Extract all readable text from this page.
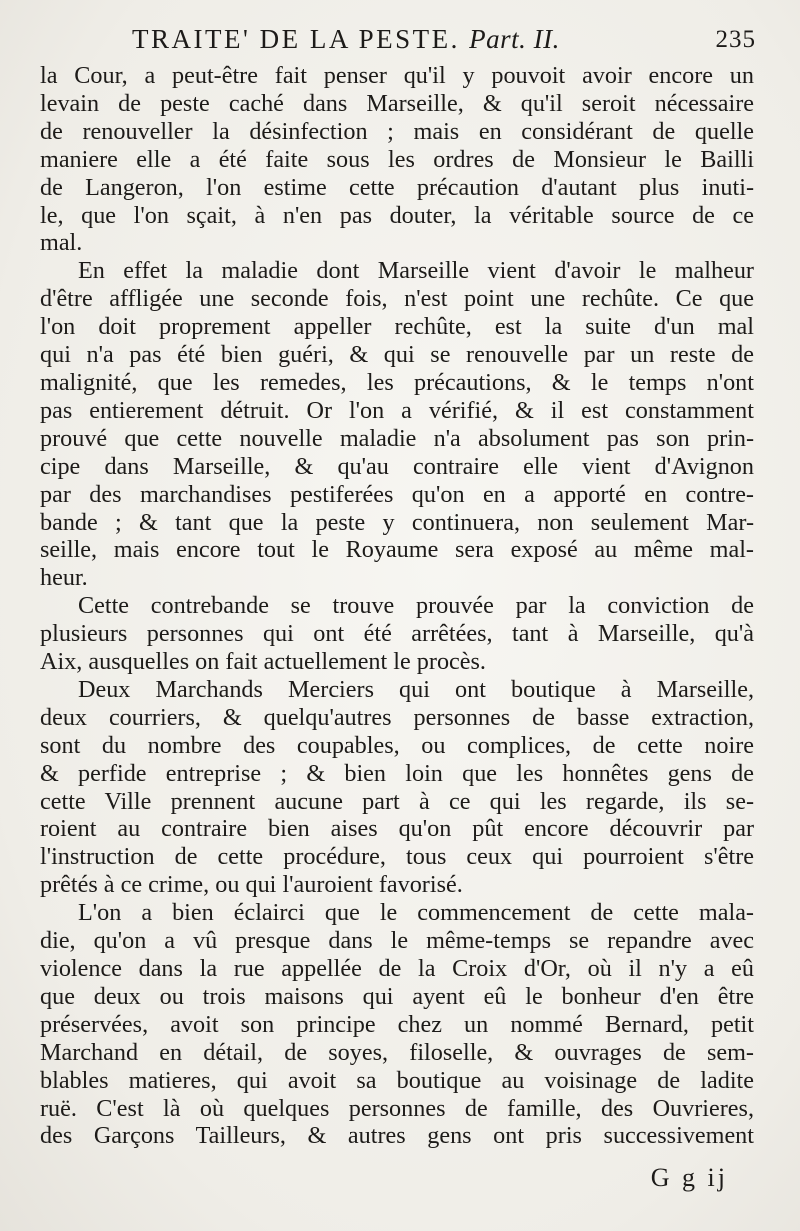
TRAITE' DE LA PESTE. Part. II.	235
la Cour, a peut-être fait penser qu'il y pouvoit avoir encore un
levain de peste caché dans Marseille, & qu'il seroit nécessaire
de renouveller la désinfection ; mais en considérant de quelle
maniere elle a été faite sous les ordres de Monsieur le Bailli
de Langeron, l'on estime cette précaution d'autant plus inuti-
le, que l'on sçait, à n'en pas douter, la véritable source de ce
mal.
En effet la maladie dont Marseille vient d'avoir le malheur
d'être affligée une seconde fois, n'est point une rechûte. Ce que
l'on doit proprement appeller rechûte, est la suite d'un mal
qui n'a pas été bien guéri, & qui se renouvelle par un reste de
malignité, que les remedes, les précautions, & le temps n'ont
pas entierement détruit. Or l'on a vérifié, & il est constamment
prouvé que cette nouvelle maladie n'a absolument pas son prin-
cipe dans Marseille, & qu'au contraire elle vient d'Avignon
par des marchandises pestiferées qu'on en a apporté en contre-
bande ; & tant que la peste y continuera, non seulement Mar-
seille, mais encore tout le Royaume sera exposé au même mal-
heur.
Cette contrebande se trouve prouvée par la conviction de
plusieurs personnes qui ont été arrêtées, tant à Marseille, qu'à
Aix, ausquelles on fait actuellement le procès.
Deux Marchands Merciers qui ont boutique à Marseille,
deux courriers, & quelqu'autres personnes de basse extraction,
sont du nombre des coupables, ou complices, de cette noire
& perfide entreprise ; & bien loin que les honnêtes gens de
cette Ville prennent aucune part à ce qui les regarde, ils se-
roient au contraire bien aises qu'on pût encore découvrir par
l'instruction de cette procédure, tous ceux qui pourroient s'être
prêtés à ce crime, ou qui l'auroient favorisé.
L'on a bien éclairci que le commencement de cette mala-
die, qu'on a vû presque dans le même-temps se repandre avec
violence dans la rue appellée de la Croix d'Or, où il n'y a eû
que deux ou trois maisons qui ayent eû le bonheur d'en être
préservées, avoit son principe chez un nommé Bernard, petit
Marchand en détail, de soyes, filoselle, & ouvrages de sem-
blables matieres, qui avoit sa boutique au voisinage de ladite
ruë. C'est là où quelques personnes de famille, des Ouvrieres,
des Garçons Tailleurs, & autres gens ont pris successivement
G g ij
